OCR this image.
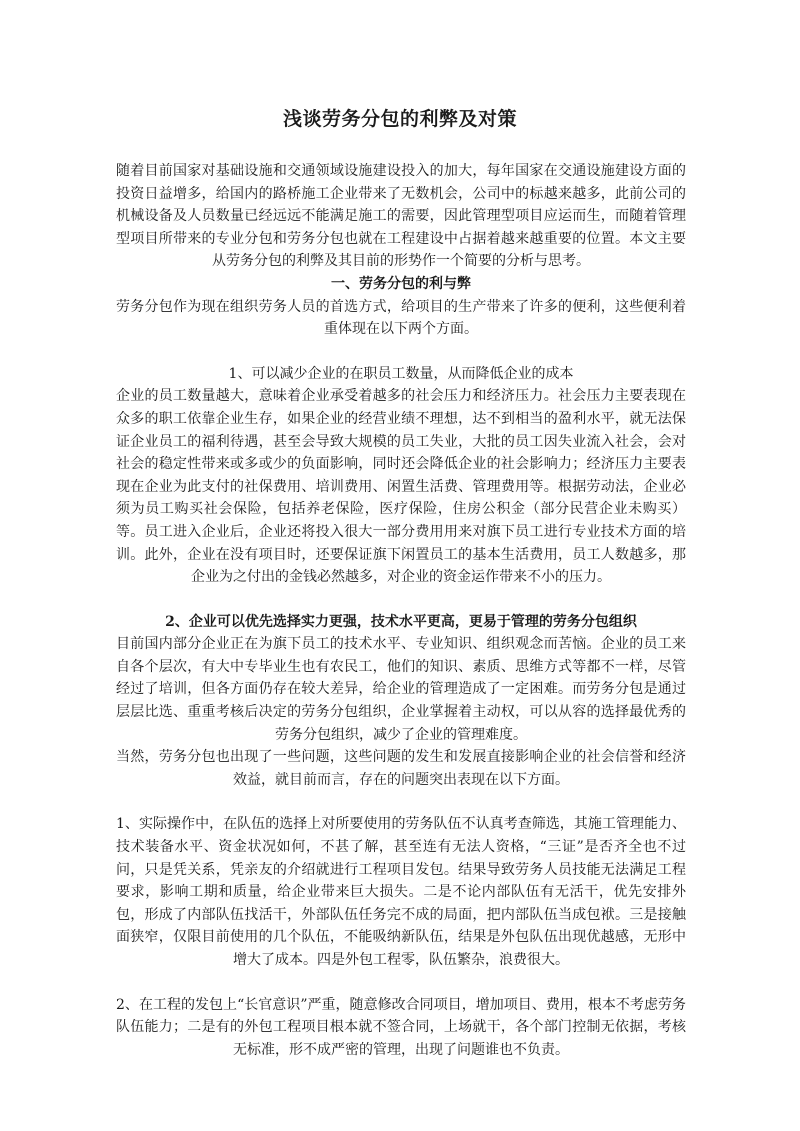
浅谈劳务分包的利弊及对策

随着目前国家对基础设施和交通领域设施建设投入的加大，每年国家在交通设施建设方面的投资日益增多，给国内的路桥施工企业带来了无数机会，公司中的标越来越多，此前公司的机械设备及人员数量已经远远不能满足施工的需要，因此管理型项目应运而生，而随着管理型项目所带来的专业分包和劳务分包也就在工程建设中占据着越来越重要的位置。本文主要从劳务分包的利弊及其目前的形势作一个简要的分析与思考。

一、劳务分包的利与弊

劳务分包作为现在组织劳务人员的首选方式，给项目的生产带来了许多的便利，这些便利着重体现在以下两个方面。

1、可以减少企业的在职员工数量，从而降低企业的成本

企业的员工数量越大，意味着企业承受着越多的社会压力和经济压力。社会压力主要表现在众多的职工依靠企业生存，如果企业的经营业绩不理想，达不到相当的盈利水平，就无法保证企业员工的福利待遇，甚至会导致大规模的员工失业，大批的员工因失业流入社会，会对社会的稳定性带来或多或少的负面影响，同时还会降低企业的社会影响力；经济压力主要表现在企业为此支付的社保费用、培训费用、闲置生活费、管理费用等。根据劳动法，企业必须为员工购买社会保险，包括养老保险，医疗保险，住房公积金（部分民营企业未购买）等。员工进入企业后，企业还将投入很大一部分费用用来对旗下员工进行专业技术方面的培训。此外，企业在没有项目时，还要保证旗下闲置员工的基本生活费用，员工人数越多，那企业为之付出的金钱必然越多，对企业的资金运作带来不小的压力。

2、企业可以优先选择实力更强，技术水平更高，更易于管理的劳务分包组织

目前国内部分企业正在为旗下员工的技术水平、专业知识、组织观念而苦恼。企业的员工来自各个层次，有大中专毕业生也有农民工，他们的知识、素质、思维方式等都不一样，尽管经过了培训，但各方面仍存在较大差异，给企业的管理造成了一定困难。而劳务分包是通过层层比选、重重考核后决定的劳务分包组织，企业掌握着主动权，可以从容的选择最优秀的劳务分包组织，减少了企业的管理难度。

当然，劳务分包也出现了一些问题，这些问题的发生和发展直接影响企业的社会信誉和经济效益，就目前而言，存在的问题突出表现在以下方面。

1、实际操作中，在队伍的选择上对所要使用的劳务队伍不认真考查筛选，其施工管理能力、技术装备水平、资金状况如何，不甚了解，甚至连有无法人资格，“三证”是否齐全也不过问，只是凭关系，凭亲友的介绍就进行工程项目发包。结果导致劳务人员技能无法满足工程要求，影响工期和质量，给企业带来巨大损失。二是不论内部队伍有无活干，优先安排外包，形成了内部队伍找活干，外部队伍任务完不成的局面，把内部队伍当成包袱。三是接触面狭窄，仅限目前使用的几个队伍，不能吸纳新队伍，结果是外包队伍出现优越感，无形中增大了成本。四是外包工程零，队伍繁杂，浪费很大。

2、在工程的发包上“长官意识”严重，随意修改合同项目，增加项目、费用，根本不考虑劳务队伍能力；二是有的外包工程项目根本就不签合同，上场就干，各个部门控制无依据，考核无标准，形不成严密的管理，出现了问题谁也不负责。
